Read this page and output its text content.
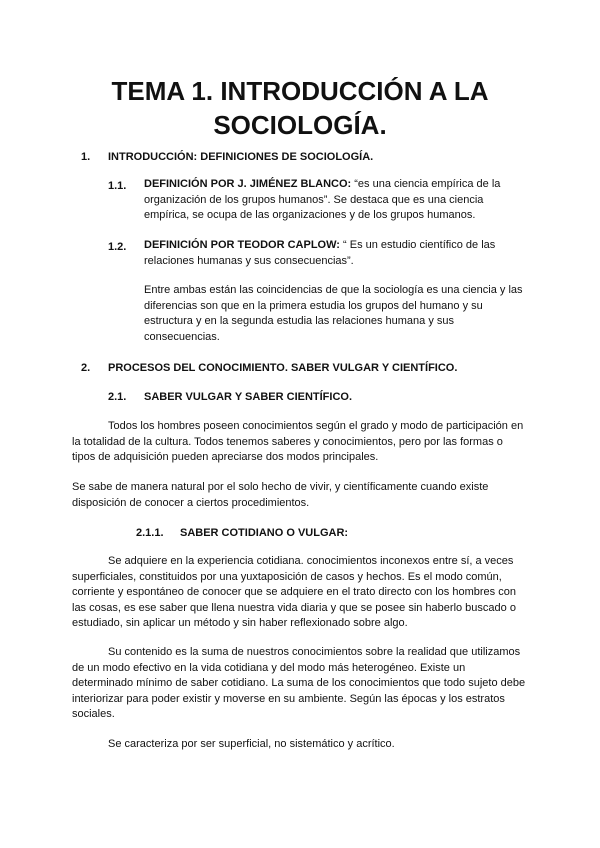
TEMA 1. INTRODUCCIÓN A LA SOCIOLOGÍA.
1. INTRODUCCIÓN: DEFINICIONES DE SOCIOLOGÍA.
1.1. DEFINICIÓN POR J. JIMÉNEZ BLANCO: “es una ciencia empírica de la organización de los grupos humanos”. Se destaca que es una ciencia empírica, se ocupa de las organizaciones y de los grupos humanos.

1.2. DEFINICIÓN POR TEODOR CAPLOW: “ Es un estudio científico de las relaciones humanas y sus consecuencias”.

Entre ambas están las coincidencias de que la sociología es una ciencia y las diferencias son que en la primera estudia los grupos del humano y su estructura y en la segunda estudia las relaciones humana y sus consecuencias.

2. PROCESOS DEL CONOCIMIENTO. SABER VULGAR Y CIENTÍFICO.
2.1. SABER VULGAR Y SABER CIENTÍFICO.

Todos los hombres poseen conocimientos según el grado y modo de participación en la totalidad de la cultura. Todos tenemos saberes y conocimientos, pero por las formas o tipos de adquisición pueden apreciarse dos modos principales.

Se sabe de manera natural por el solo hecho de vivir, y científicamente cuando existe disposición de conocer a ciertos procedimientos.

2.1.1. SABER COTIDIANO O VULGAR:

Se adquiere en la experiencia cotidiana. conocimientos inconexos entre sí, a veces superficiales, constituidos por una yuxtaposición de casos y hechos. Es el modo común, corriente y espontáneo de conocer que se adquiere en el trato directo con los hombres con las cosas, es ese saber que llena nuestra vida diaria y que se posee sin haberlo buscado o estudiado, sin aplicar un método y sin haber reflexionado sobre algo.

Su contenido es la suma de nuestros conocimientos sobre la realidad que utilizamos de un modo efectivo en la vida cotidiana y del modo más heterogéneo. Existe un determinado mínimo de saber cotidiano. La suma de los conocimientos que todo sujeto debe interiorizar para poder existir y moverse en su ambiente. Según las épocas y los estratos sociales.

Se caracteriza por ser superficial, no sistemático y acrítico.
